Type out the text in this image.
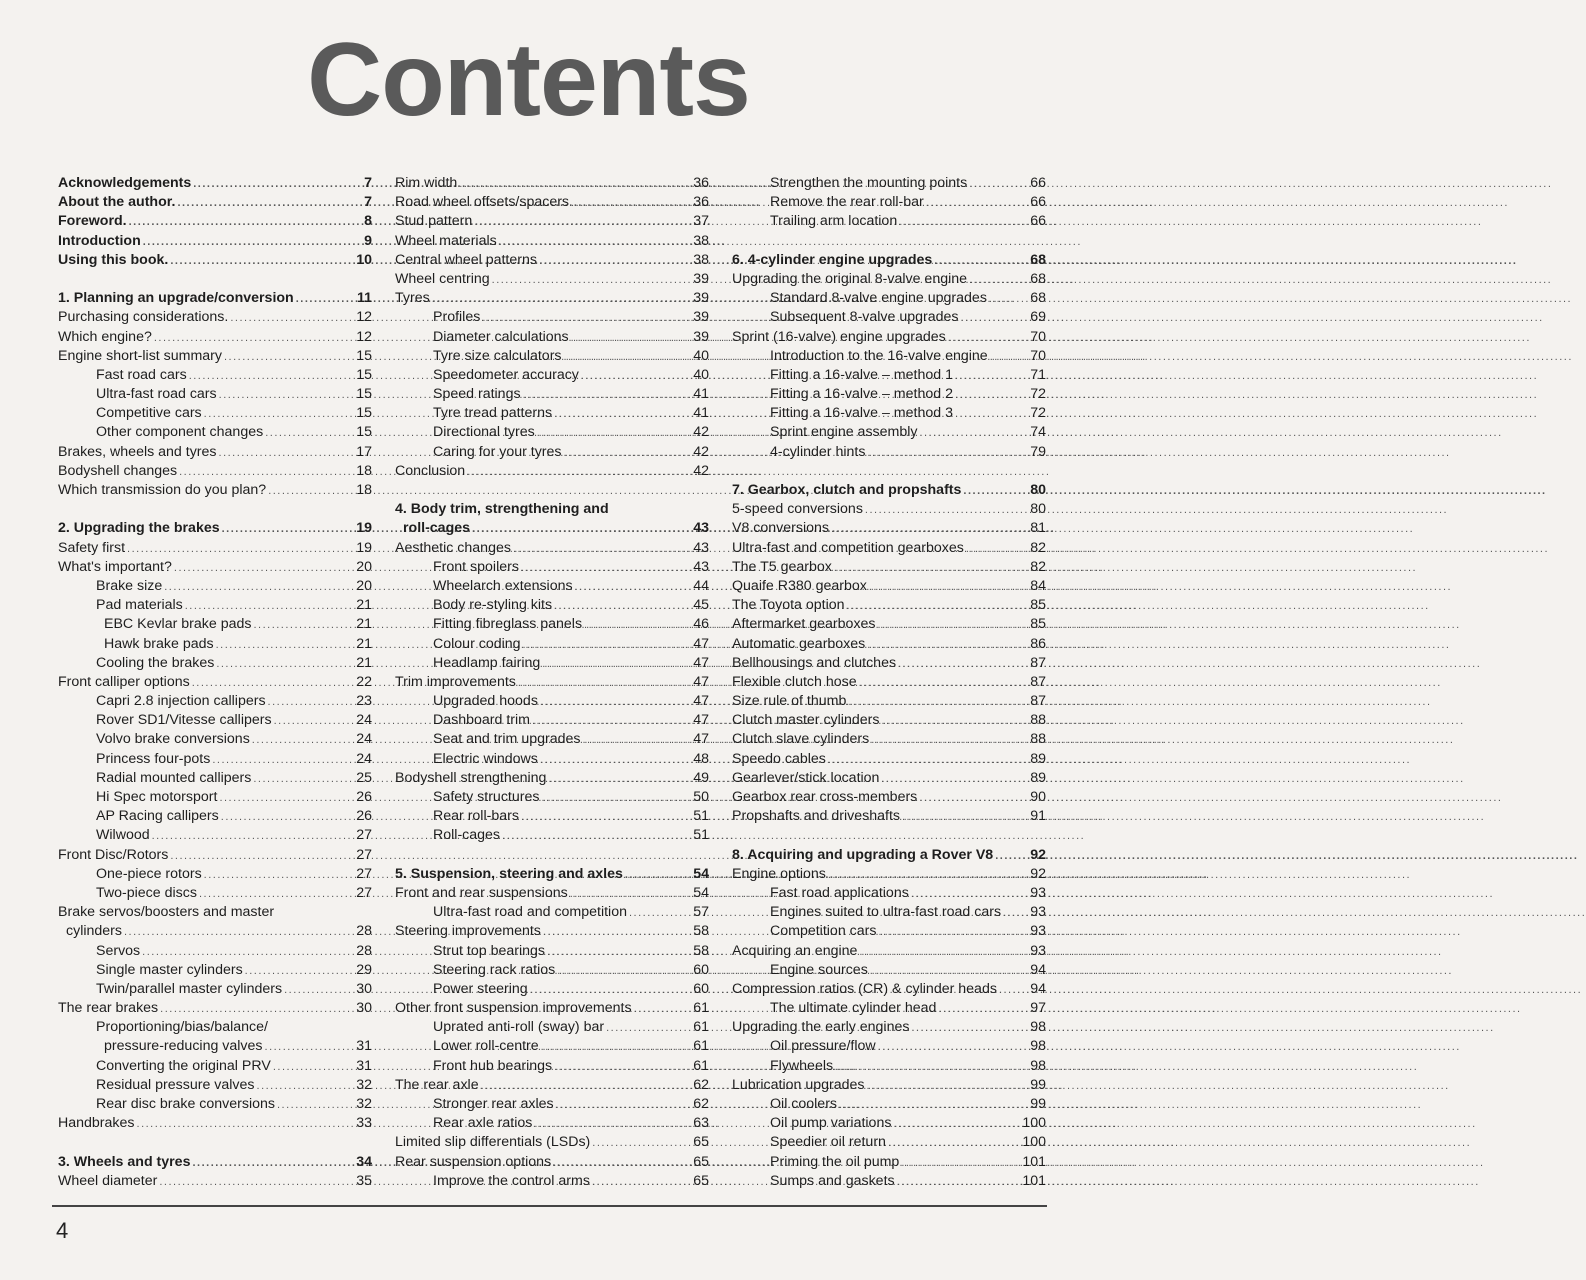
Contents
Acknowledgements .....	7
About the author. .....	7
Foreword. .....	8
Introduction .....	9
Using this book. .....	10
1. Planning an upgrade/conversion .....	11
Purchasing considerations. .....	12
Which engine? .....	12
Engine short-list summary .....	15
Fast road cars .....	15
Ultra-fast road cars .....	15
Competitive cars .....	15
Other component changes .....	15
Brakes, wheels and tyres .....	17
Bodyshell changes .....	18
Which transmission do you plan? .....	18
2. Upgrading the brakes .....	19
Safety first .....	19
What's important? .....	20
Brake size .....	20
Pad materials .....	21
EBC Kevlar brake pads .....	21
Hawk brake pads .....	21
Cooling the brakes .....	21
Front calliper options .....	22
Capri 2.8 injection callipers .....	23
Rover SD1/Vitesse callipers .....	24
Volvo brake conversions .....	24
Princess four-pots .....	24
Radial mounted callipers .....	25
Hi Spec motorsport .....	26
AP Racing callipers .....	26
Wilwood .....	27
Front Disc/Rotors .....	27
One-piece rotors .....	27
Two-piece discs .....	27
Brake servos/boosters and master
cylinders .....	28
Servos .....	28
Single master cylinders .....	29
Twin/parallel master cylinders .....	30
The rear brakes .....	30
Proportioning/bias/balance/
pressure-reducing valves .....	31
Converting the original PRV .....	31
Residual pressure valves .....	32
Rear disc brake conversions .....	32
Handbrakes .....	33
3. Wheels and tyres .....	34
Wheel diameter .....	35
Rim width .....	36
Road wheel offsets/spacers .....	36
Stud pattern .....	37
Wheel materials .....	38
Central wheel patterns .....	38
Wheel centring .....	39
Tyres .....	39
Profiles .....	39
Diameter calculations .....	39
Tyre size calculators .....	40
Speedometer accuracy .....	40
Speed ratings .....	41
Tyre tread patterns .....	41
Directional tyres .....	42
Caring for your tyres .....	42
Conclusion .....	42
4. Body trim, strengthening and
roll-cages .....	43
Aesthetic changes .....	43
Front spoilers .....	43
Wheelarch extensions .....	44
Body re-styling kits .....	45
Fitting fibreglass panels .....	46
Colour coding .....	47
Headlamp fairing .....	47
Trim improvements .....	47
Upgraded hoods .....	47
Dashboard trim .....	47
Seat and trim upgrades .....	47
Electric windows .....	48
Bodyshell strengthening .....	49
Safety structures .....	50
Rear roll-bars .....	51
Roll-cages .....	51
5. Suspension, steering and axles .....	54
Front and rear suspensions .....	54
Ultra-fast road and competition .....	57
Steering improvements .....	58
Strut top bearings .....	58
Steering rack ratios .....	60
Power steering .....	60
Other front suspension improvements .....	61
Uprated anti-roll (sway) bar .....	61
Lower roll-centre .....	61
Front hub bearings .....	61
The rear axle .....	62
Stronger rear axles .....	62
Rear axle ratios .....	63
Limited slip differentials (LSDs) .....	65
Rear suspension options .....	65
Improve the control arms .....	65
Strengthen the mounting points .....	66
Remove the rear roll-bar .....	66
Trailing arm location .....	66
6. 4-cylinder engine upgrades .....	68
Upgrading the original 8-valve engine .....	68
Standard 8-valve engine upgrades .....	68
Subsequent 8-valve upgrades .....	69
Sprint (16-valve) engine upgrades .....	70
Introduction to the 16-valve engine .....	70
Fitting a 16-valve – method 1 .....	71
Fitting a 16-valve – method 2 .....	72
Fitting a 16-valve – method 3 .....	72
Sprint engine assembly .....	74
4-cylinder hints .....	79
7. Gearbox, clutch and propshafts .....	80
5-speed conversions .....	80
V8 conversions .....	81
Ultra-fast and competition gearboxes .....	82
The T5 gearbox .....	82
Quaife R380 gearbox .....	84
The Toyota option .....	85
Aftermarket gearboxes .....	85
Automatic gearboxes .....	86
Bellhousings and clutches .....	87
Flexible clutch hose .....	87
Size rule of thumb .....	87
Clutch master cylinders .....	88
Clutch slave cylinders .....	88
Speedo cables .....	89
Gearlever/stick location .....	89
Gearbox rear cross-members .....	90
Propshafts and driveshafts .....	91
8. Acquiring and upgrading a Rover V8 .....	92
Engine options .....	92
Fast road applications .....	93
Engines suited to ultra-fast road cars ..... 93
Competition cars .....	93
Acquiring an engine .....	93
Engine sources .....	94
Compression ratios (CR) & cylinder heads ..... 94
The ultimate cylinder head .....	97
Upgrading the early engines .....	98
Oil pressure/flow .....	98
Flywheels .....	98
Lubrication upgrades .....	99
Oil coolers .....	99
Oil pump variations .....	100
Speedier oil return .....	100
Priming the oil pump .....	101
Sumps and gaskets .....	101
4
